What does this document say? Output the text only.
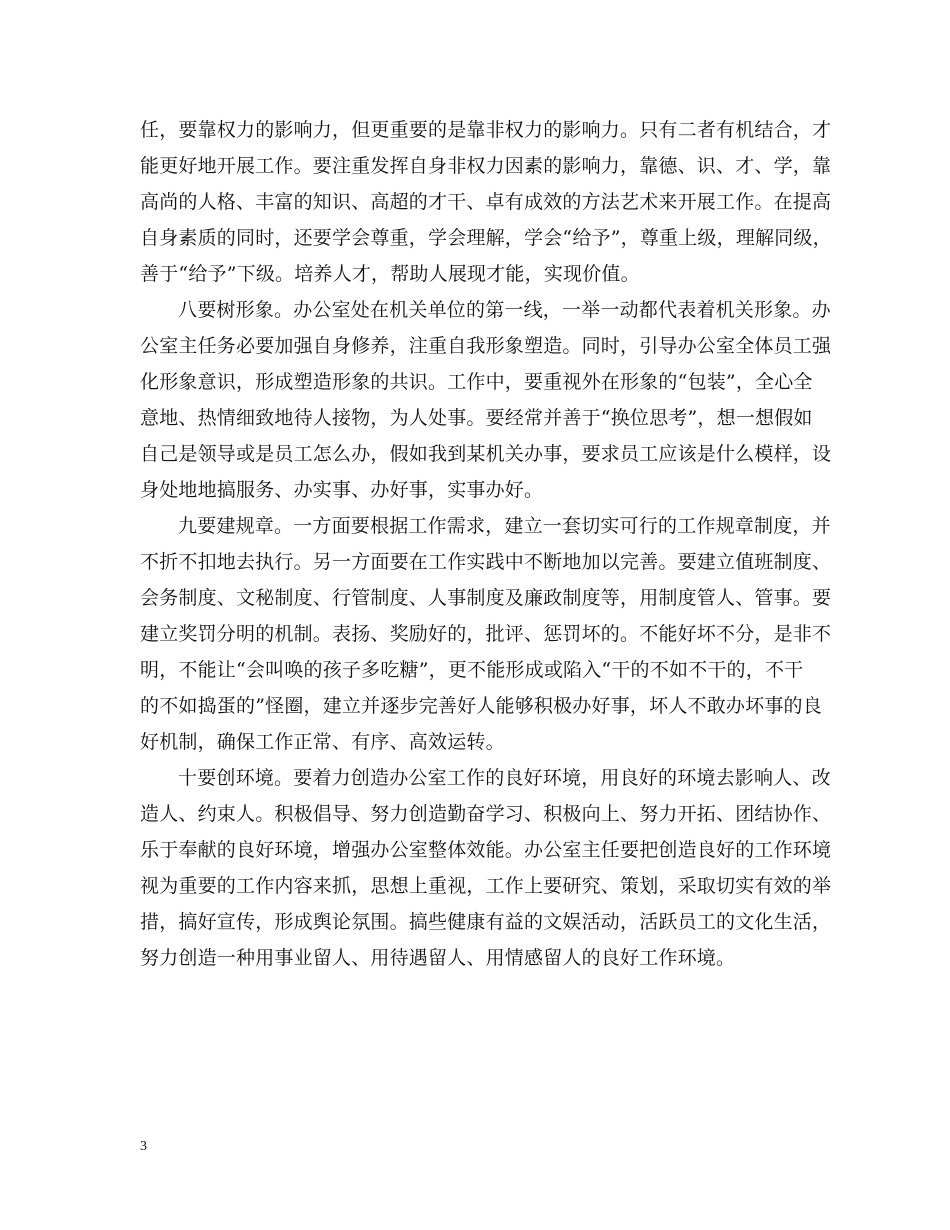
任，要靠权力的影响力，但更重要的是靠非权力的影响力。只有二者有机结合，才
能更好地开展工作。要注重发挥自身非权力因素的影响力，靠德、识、才、学，靠
高尚的人格、丰富的知识、高超的才干、卓有成效的方法艺术来开展工作。在提高
自身素质的同时，还要学会尊重，学会理解，学会“给予”，尊重上级，理解同级，
善于“给予”下级。培养人才，帮助人展现才能，实现价值。
八要树形象。办公室处在机关单位的第一线，一举一动都代表着机关形象。办
公室主任务必要加强自身修养，注重自我形象塑造。同时，引导办公室全体员工强
化形象意识，形成塑造形象的共识。工作中，要重视外在形象的“包装”，全心全
意地、热情细致地待人接物，为人处事。要经常并善于“换位思考”，想一想假如
自己是领导或是员工怎么办，假如我到某机关办事，要求员工应该是什么模样，设
身处地地搞服务、办实事、办好事，实事办好。
九要建规章。一方面要根据工作需求，建立一套切实可行的工作规章制度，并
不折不扣地去执行。另一方面要在工作实践中不断地加以完善。要建立值班制度、
会务制度、文秘制度、行管制度、人事制度及廉政制度等，用制度管人、管事。要
建立奖罚分明的机制。表扬、奖励好的，批评、惩罚坏的。不能好坏不分，是非不
明，不能让“会叫唤的孩子多吃糖”，更不能形成或陷入“干的不如不干的，不干
的不如捣蛋的”怪圈，建立并逐步完善好人能够积极办好事，坏人不敢办坏事的良
好机制，确保工作正常、有序、高效运转。
十要创环境。要着力创造办公室工作的良好环境，用良好的环境去影响人、改
造人、约束人。积极倡导、努力创造勤奋学习、积极向上、努力开拓、团结协作、
乐于奉献的良好环境，增强办公室整体效能。办公室主任要把创造良好的工作环境
视为重要的工作内容来抓，思想上重视，工作上要研究、策划，采取切实有效的举
措，搞好宣传，形成舆论氛围。搞些健康有益的文娱活动，活跃员工的文化生活，
努力创造一种用事业留人、用待遇留人、用情感留人的良好工作环境。
3
